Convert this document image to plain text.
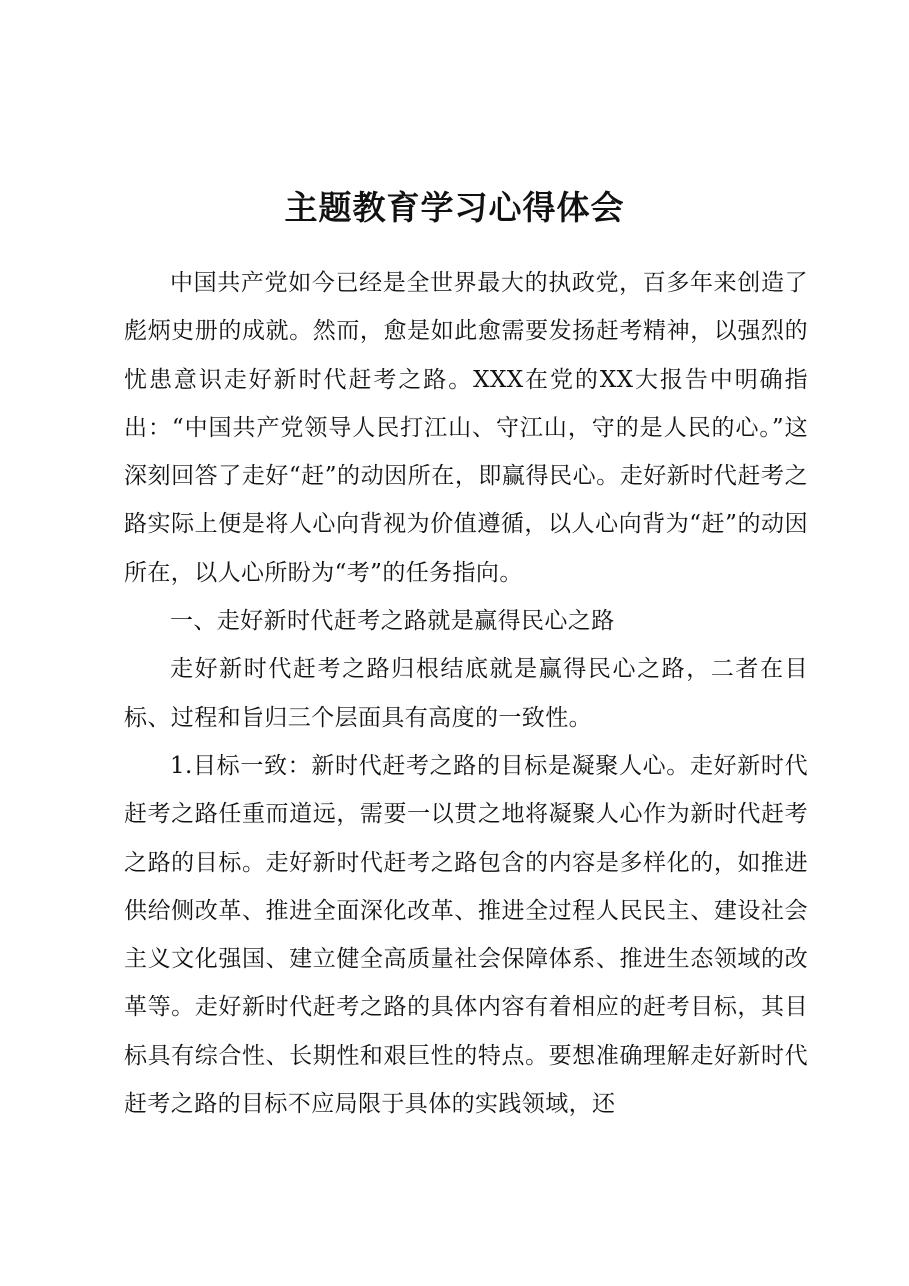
主题教育学习心得体会

中国共产党如今已经是全世界最大的执政党，百多年来创造了彪炳史册的成就。然而，愈是如此愈需要发扬赶考精神，以强烈的忧患意识走好新时代赶考之路。XXX在党的XX大报告中明确指出：“中国共产党领导人民打江山、守江山，守的是人民的心。”这深刻回答了走好“赶”的动因所在，即赢得民心。走好新时代赶考之路实际上便是将人心向背视为价值遵循，以人心向背为“赶”的动因所在，以人心所盼为“考”的任务指向。

一、走好新时代赶考之路就是赢得民心之路

走好新时代赶考之路归根结底就是赢得民心之路，二者在目标、过程和旨归三个层面具有高度的一致性。

1.目标一致：新时代赶考之路的目标是凝聚人心。走好新时代赶考之路任重而道远，需要一以贯之地将凝聚人心作为新时代赶考之路的目标。走好新时代赶考之路包含的内容是多样化的，如推进供给侧改革、推进全面深化改革、推进全过程人民民主、建设社会主义文化强国、建立健全高质量社会保障体系、推进生态领域的改革等。走好新时代赶考之路的具体内容有着相应的赶考目标，其目标具有综合性、长期性和艰巨性的特点。要想准确理解走好新时代赶考之路的目标不应局限于具体的实践领域，还
